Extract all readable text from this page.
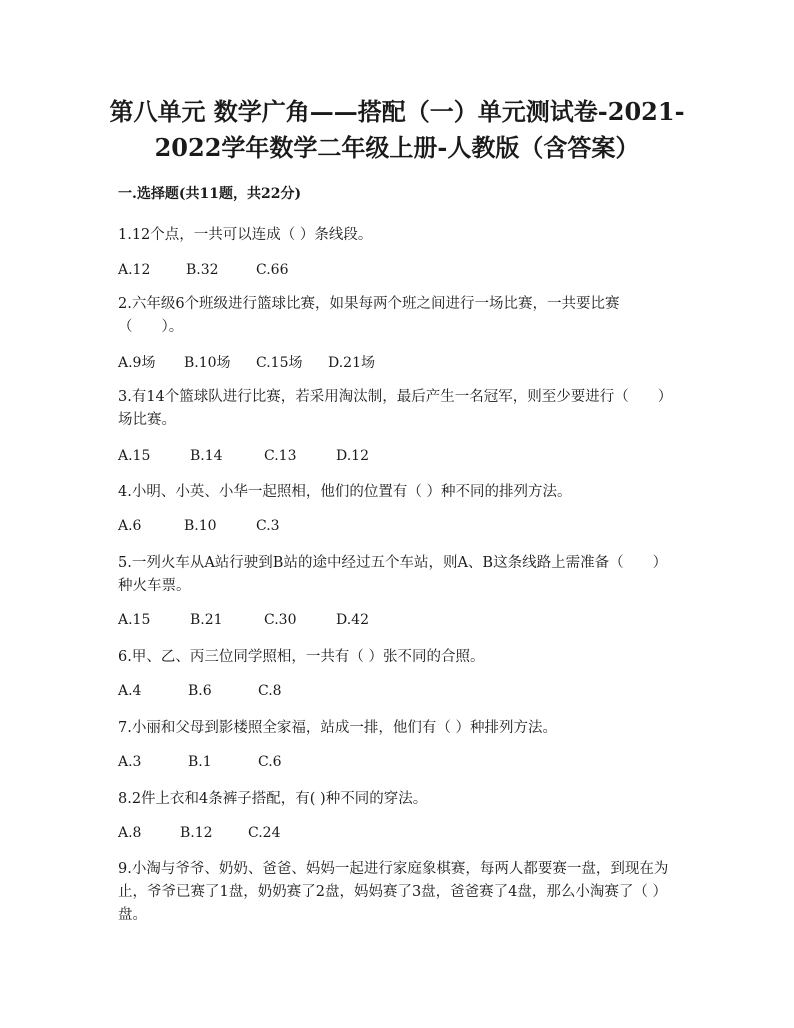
第八单元 数学广角——搭配（一）单元测试卷-2021-
2022学年数学二年级上册-人教版（含答案）
一.选择题(共11题，共22分)
1.12个点，一共可以连成（ ）条线段。
A.12	B.32	C.66
2.六年级6个班级进行篮球比赛，如果每两个班之间进行一场比赛，一共要比赛（　　）。
A.9场 B.10场 C.15场 D.21场
3.有14个篮球队进行比赛，若采用淘汰制，最后产生一名冠军，则至少要进行（　　）场比赛。
A.15	B.14	C.13	D.12
4.小明、小英、小华一起照相，他们的位置有（ ）种不同的排列方法。
A.6	B.10	C.3
5.一列火车从A站行驶到B站的途中经过五个车站，则A、B这条线路上需准备（　　）种火车票。
A.15	B.21	C.30	D.42
6.甲、乙、丙三位同学照相，一共有（ ）张不同的合照。
A.4	B.6	C.8
7.小丽和父母到影楼照全家福，站成一排，他们有（ ）种排列方法。
A.3	B.1	C.6
8.2件上衣和4条裤子搭配，有( )种不同的穿法。
A.8	B.12	C.24
9.小淘与爷爷、奶奶、爸爸、妈妈一起进行家庭象棋赛，每两人都要赛一盘，到现在为止，爷爷已赛了1盘，奶奶赛了2盘，妈妈赛了3盘，爸爸赛了4盘，那么小淘赛了（ ）盘。
